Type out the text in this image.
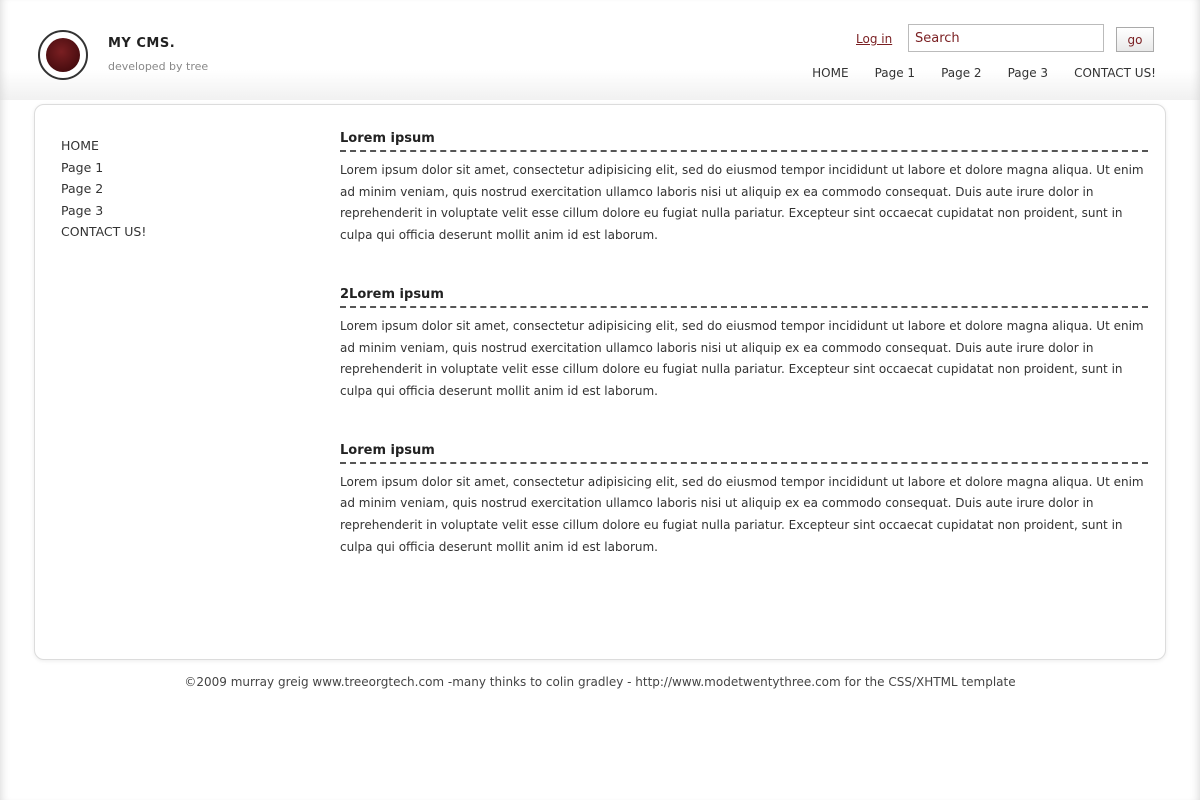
MY CMS.
developed by tree
Log in
Search	go
HOME Page 1 Page 2 Page 3 CONTACT US!
HOME
Page 1
Page 2
Page 3
CONTACT US!
Lorem ipsum

Lorem ipsum dolor sit amet, consectetur adipisicing elit, sed do eiusmod tempor incididunt ut labore et dolore magna aliqua. Ut enim ad minim veniam, quis nostrud exercitation ullamco laboris nisi ut aliquip ex ea commodo consequat. Duis aute irure dolor in reprehenderit in voluptate velit esse cillum dolore eu fugiat nulla pariatur. Excepteur sint occaecat cupidatat non proident, sunt in culpa qui officia deserunt mollit anim id est laborum.

2Lorem ipsum

Lorem ipsum dolor sit amet, consectetur adipisicing elit, sed do eiusmod tempor incididunt ut labore et dolore magna aliqua. Ut enim ad minim veniam, quis nostrud exercitation ullamco laboris nisi ut aliquip ex ea commodo consequat. Duis aute irure dolor in reprehenderit in voluptate velit esse cillum dolore eu fugiat nulla pariatur. Excepteur sint occaecat cupidatat non proident, sunt in culpa qui officia deserunt mollit anim id est laborum.

Lorem ipsum

Lorem ipsum dolor sit amet, consectetur adipisicing elit, sed do eiusmod tempor incididunt ut labore et dolore magna aliqua. Ut enim ad minim veniam, quis nostrud exercitation ullamco laboris nisi ut aliquip ex ea commodo consequat. Duis aute irure dolor in reprehenderit in voluptate velit esse cillum dolore eu fugiat nulla pariatur. Excepteur sint occaecat cupidatat non proident, sunt in culpa qui officia deserunt mollit anim id est laborum.

©2009 murray greig www.treeorgtech.com -many thinks to colin gradley - http://www.modetwentythree.com for the CSS/XHTML template
